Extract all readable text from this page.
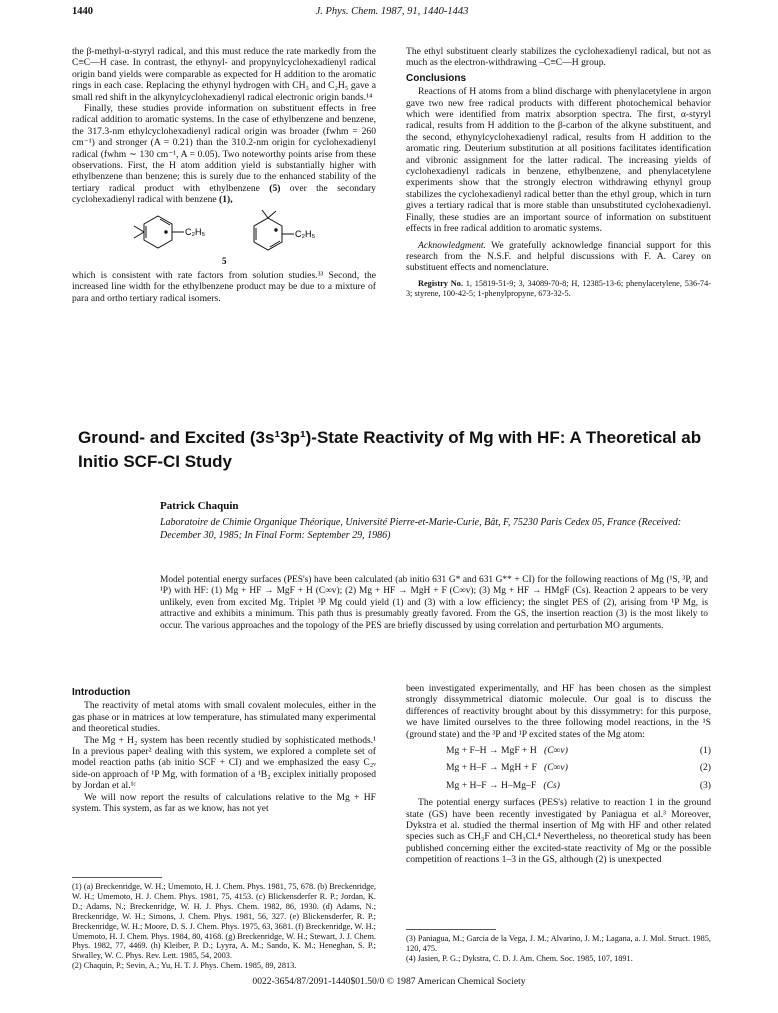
1440	J. Phys. Chem. 1987, 91, 1440-1443

the β-methyl-α-styryl radical, and this must reduce the rate markedly from the C≡C—H case. In contrast, the ethynyl- and propynylcyclohexadienyl radical origin band yields were comparable as expected for H addition to the aromatic rings in each case. Replacing the ethynyl hydrogen with CH₃ and C₂H₅ gave a small red shift in the alkynylcyclohexadienyl radical electronic origin bands.¹⁴

Finally, these studies provide information on substituent effects in free radical addition to aromatic systems. In the case of ethylbenzene and benzene, the 317.3-nm ethylcyclohexadienyl radical origin was broader (fwhm = 260 cm⁻¹) and stronger (A = 0.21) than the 310.2-nm origin for cyclohexadienyl radical (fwhm ∼ 130 cm⁻¹, A = 0.05). Two noteworthy points arise from these observations. First, the H atom addition yield is substantially higher with ethylbenzene than benzene; this is surely due to the enhanced stability of the tertiary radical product with ethylbenzene (5) over the secondary cyclohexadienyl radical with benzene (1),

C₂H₅	C₂H₅
5

which is consistent with rate factors from solution studies.³³ Second, the increased line width for the ethylbenzene product may be due to a mixture of para and ortho tertiary radical isomers.

The ethyl substituent clearly stabilizes the cyclohexadienyl radical, but not as much as the electron-withdrawing –C≡C—H group.

Conclusions

Reactions of H atoms from a blind discharge with phenylacetylene in argon gave two new free radical products with different photochemical behavior which were identified from matrix absorption spectra. The first, α-styryl radical, results from H addition to the β-carbon of the alkyne substituent, and the second, ethynylcyclohexadienyl radical, results from H addition to the aromatic ring. Deuterium substitution at all positions facilitates identification and vibronic assignment for the latter radical. The increasing yields of cyclohexadienyl radicals in benzene, ethylbenzene, and phenylacetylene experiments show that the strongly electron withdrawing ethynyl group stabilizes the cyclohexadienyl radical better than the ethyl group, which in turn gives a tertiary radical that is more stable than unsubstituted cyclohexadienyl. Finally, these studies are an important source of information on substituent effects in free radical addition to aromatic systems.

Acknowledgment. We gratefully acknowledge financial support for this research from the N.S.F. and helpful discussions with F. A. Carey on substituent effects and nomenclature.

Registry No. 1, 15819-51-9; 3, 34089-70-8; H, 12385-13-6; phenylacetylene, 536-74-3; styrene, 100-42-5; 1-phenylpropyne, 673-32-5.

Ground- and Excited (3s¹3p¹)-State Reactivity of Mg with HF: A Theoretical ab Initio SCF-CI Study
Patrick Chaquin
Laboratoire de Chimie Organique Théorique, Université Pierre-et-Marie-Curie, Bât, F, 75230 Paris Cedex 05, France (Received: December 30, 1985; In Final Form: September 29, 1986)
Model potential energy surfaces (PES's) have been calculated (ab initio 631 G* and 631 G** + CI) for the following reactions of Mg (¹S, ³P, and ¹P) with HF: (1) Mg + HF → MgF + H (C∞v); (2) Mg + HF → MgH + F (C∞v); (3) Mg + HF → HMgF (Cs). Reaction 2 appears to be very unlikely, even from excited Mg. Triplet ³P Mg could yield (1) and (3) with a low efficiency; the singlet PES of (2), arising from ¹P Mg, is attractive and exhibits a minimum. This path thus is presumably greatly favored. From the GS, the insertion reaction (3) is the most likely to occur. The various approaches and the topology of the PES are briefly discussed by using correlation and perturbation MO arguments.
Introduction

The reactivity of metal atoms with small covalent molecules, either in the gas phase or in matrices at low temperature, has stimulated many experimental and theoretical studies.

The Mg + H₂ system has been recently studied by sophisticated methods.¹ In a previous paper² dealing with this system, we explored a complete set of model reaction paths (ab initio SCF + CI) and we emphasized the easy C₂ᵥ side-on approach of ¹P Mg, with formation of a ¹B₂ exciplex initially proposed by Jordan et al.¹ᶜ

We will now report the results of calculations relative to the Mg + HF system. This system, as far as we know, has not yet

been investigated experimentally, and HF has been chosen as the simplest strongly dissymmetrical diatomic molecule. Our goal is to discuss the differences of reactivity brought about by this dissymmetry: for this purpose, we have limited ourselves to the three following model reactions, in the ¹S (ground state) and the ³P and ¹P excited states of the Mg atom:

Mg + F–H → MgF + H (C∞v)	(1)
Mg + H–F → MgH + F (C∞v)	(2)
Mg + H–F → H–Mg–F (Cs)	(3)

The potential energy surfaces (PES's) relative to reaction 1 in the ground state (GS) have been recently investigated by Paniagua et al.³ Moreover, Dykstra et al. studied the thermal insertion of Mg with HF and other related species such as CH₃F and CH₃Cl.⁴ Nevertheless, no theoretical study has been published concerning either the excited-state reactivity of Mg or the possible competition of reactions 1–3 in the GS, although (2) is unexpected

(1) (a) Breckenridge, W. H.; Umemoto, H. J. Chem. Phys. 1981, 75, 678. (b) Breckenridge, W. H.; Umemoto, H. J. Chem. Phys. 1981, 75, 4153. (c) Blickensderfer R. P.; Jordan, K. D.; Adams, N.; Breckenridge, W. H. J. Phys. Chem. 1982, 86, 1930. (d) Adams, N.; Breckenridge, W. H.; Simons, J. Chem. Phys. 1981, 56, 327. (e) Blickensderfer, R. P.; Breckenridge, W. H.; Moore, D. S. J. Chem. Phys. 1975, 63, 3681. (f) Breckenridge, W. H.; Umemoto, H. J. Chem. Phys. 1984, 80, 4168. (g) Breckenridge, W. H.; Stewart, J. J. Chem. Phys. 1982, 77, 4469. (h) Kleiber, P. D.; Lyyra, A. M.; Sando, K. M.; Heneghan, S. P.; Stwalley, W. C. Phys. Rev. Lett. 1985, 54, 2003.

(2) Chaquin, P.; Sevin, A.; Yu, H. T. J. Phys. Chem. 1985, 89, 2813.

(3) Paniagua, M.; Garcia de la Vega, J. M.; Alvarino, J. M.; Lagana, a. J. Mol. Struct. 1985, 120, 475.

(4) Jasien, P. G.; Dykstra, C. D. J. Am. Chem. Soc. 1985, 107, 1891.

0022-3654/87/2091-1440$01.50/0 © 1987 American Chemical Society
